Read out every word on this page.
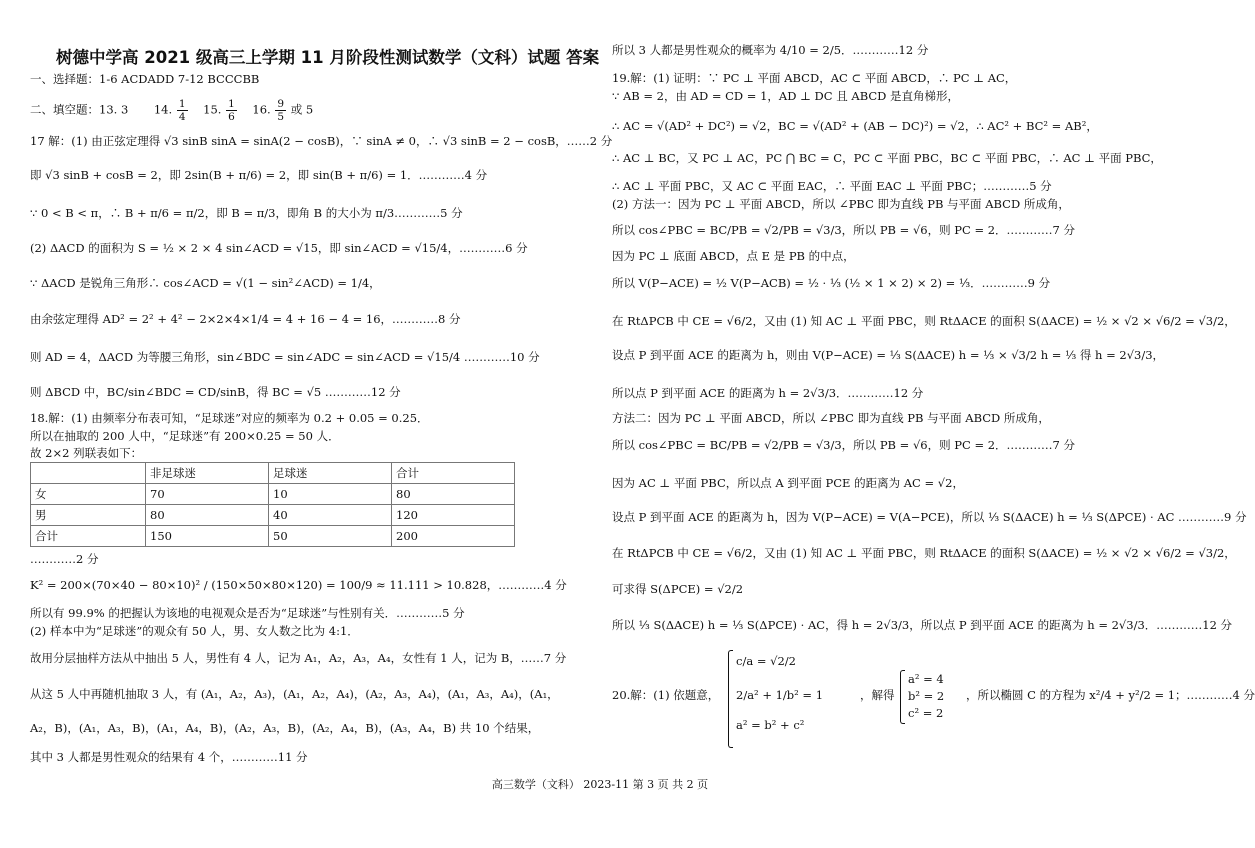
树德中学高 2021 级高三上学期 11 月阶段性测试数学（文科）试题 答案
一、选择题：1-6 ACDADD 7-12 BCCCBB
二、填空题：13. 3 14. $\frac{1}{4} 15$. $\frac{1}{6} 16$. $\frac{9}{5}$ 或 5
17 解：(1) 由正弦定理得 √3 sinB sinA = sinA(2 − cosB)，∵ sinA ≠ 0，∴ √3 sinB = 2 − cosB，……2 分
即 √3 sinB + cosB = 2，即 2sin(B + π/6) = 2，即 sin(B + π/6) = 1．…………4 分
∵ 0 < B < π，∴ B + π/6 = π/2，即 B = π/3，即角 B 的大小为 π/3…………5 分
(2) ΔACD 的面积为 S = ½ × 2 × 4 sin∠ACD = √15，即 sin∠ACD = √15/4，…………6 分
∵ ΔACD 是锐角三角形∴ cos∠ACD = √(1 − sin²∠ACD) = 1/4，
由余弦定理得 AD² = 2² + 4² − 2×2×4×1/4 = 4 + 16 − 4 = 16，…………8 分
则 AD = 4，ΔACD 为等腰三角形，sin∠BDC = sin∠ADC = sin∠ACD = √15/4 …………10 分
则 ΔBCD 中，BC/sin∠BDC = CD/sinB，得 BC = √5 …………12 分
18.解：(1) 由频率分布表可知，“足球迷”对应的频率为 0.2 + 0.05 = 0.25．
所以在抽取的 200 人中，“足球迷”有 200×0.25 = 50 人．
故 2×2 列联表如下：
	非足球迷	足球迷	合计
女	70	10	80
男	80	40	120
合计	150	50	200
…………2 分
K² = 200×(70×40 − 80×10)² / (150×50×80×120) = 100/9 ≈ 11.111 > 10.828，…………4 分
所以有 99.9% 的把握认为该地的电视观众是否为“足球迷”与性别有关．…………5 分
(2) 样本中为“足球迷”的观众有 50 人，男、女人数之比为 4:1．
故用分层抽样方法从中抽出 5 人，男性有 4 人，记为 A₁，A₂，A₃，A₄，女性有 1 人，记为 B，……7 分
从这 5 人中再随机抽取 3 人，有 (A₁，A₂，A₃)，(A₁，A₂，A₄)，(A₂，A₃，A₄)，(A₁，A₃，A₄)，(A₁，
A₂，B)，(A₁，A₃，B)，(A₁，A₄，B)，(A₂，A₃，B)，(A₂，A₄，B)，(A₃，A₄，B) 共 10 个结果，
其中 3 人都是男性观众的结果有 4 个，…………11 分
所以 3 人都是男性观众的概率为 4/10 = 2/5．…………12 分
19.解：(1) 证明：∵ PC ⊥ 平面 ABCD，AC ⊂ 平面 ABCD，∴ PC ⊥ AC，
∵ AB = 2，由 AD = CD = 1，AD ⊥ DC 且 ABCD 是直角梯形，
∴ AC = √(AD² + DC²) = √2，BC = √(AD² + (AB − DC)²) = √2，∴ AC² + BC² = AB²，
∴ AC ⊥ BC，又 PC ⊥ AC，PC ⋂ BC = C，PC ⊂ 平面 PBC，BC ⊂ 平面 PBC，∴ AC ⊥ 平面 PBC，
∴ AC ⊥ 平面 PBC，又 AC ⊂ 平面 EAC，∴ 平面 EAC ⊥ 平面 PBC；…………5 分
(2) 方法一：因为 PC ⊥ 平面 ABCD，所以 ∠PBC 即为直线 PB 与平面 ABCD 所成角，
所以 cos∠PBC = BC/PB = √2/PB = √3/3，所以 PB = √6，则 PC = 2．…………7 分
因为 PC ⊥ 底面 ABCD，点 E 是 PB 的中点，
所以 V(P−ACE) = ½ V(P−ACB) = ½ · ⅓ (½ × 1 × 2) × 2) = ⅓．…………9 分
在 RtΔPCB 中 CE = √6/2，又由 (1) 知 AC ⊥ 平面 PBC，则 RtΔACE 的面积 S(ΔACE) = ½ × √2 × √6/2 = √3/2，
设点 P 到平面 ACE 的距离为 h，则由 V(P−ACE) = ⅓ S(ΔACE) h = ⅓ × √3/2 h = ⅓ 得 h = 2√3/3，
所以点 P 到平面 ACE 的距离为 h = 2√3/3．…………12 分
方法二：因为 PC ⊥ 平面 ABCD，所以 ∠PBC 即为直线 PB 与平面 ABCD 所成角，
所以 cos∠PBC = BC/PB = √2/PB = √3/3，所以 PB = √6，则 PC = 2．…………7 分
因为 AC ⊥ 平面 PBC，所以点 A 到平面 PCE 的距离为 AC = √2，
设点 P 到平面 ACE 的距离为 h，因为 V(P−ACE) = V(A−PCE)，所以 ⅓ S(ΔACE) h = ⅓ S(ΔPCE) · AC …………9 分
在 RtΔPCB 中 CE = √6/2，又由 (1) 知 AC ⊥ 平面 PBC，则 RtΔACE 的面积 S(ΔACE) = ½ × √2 × √6/2 = √3/2，
可求得 S(ΔPCE) = √2/2
所以 ⅓ S(ΔACE) h = ⅓ S(ΔPCE) · AC，得 h = 2√3/3，所以点 P 到平面 ACE 的距离为 h = 2√3/3．…………12 分
20.解：(1) 依题意，
c/a = √2/2
2/a² + 1/b² = 1
a² = b² + c²
，解得
a² = 4
b² = 2
c² = 2
，所以椭圆 C 的方程为 x²/4 + y²/2 = 1；…………4 分
高三数学（文科） 2023-11 第 3 页 共 2 页
